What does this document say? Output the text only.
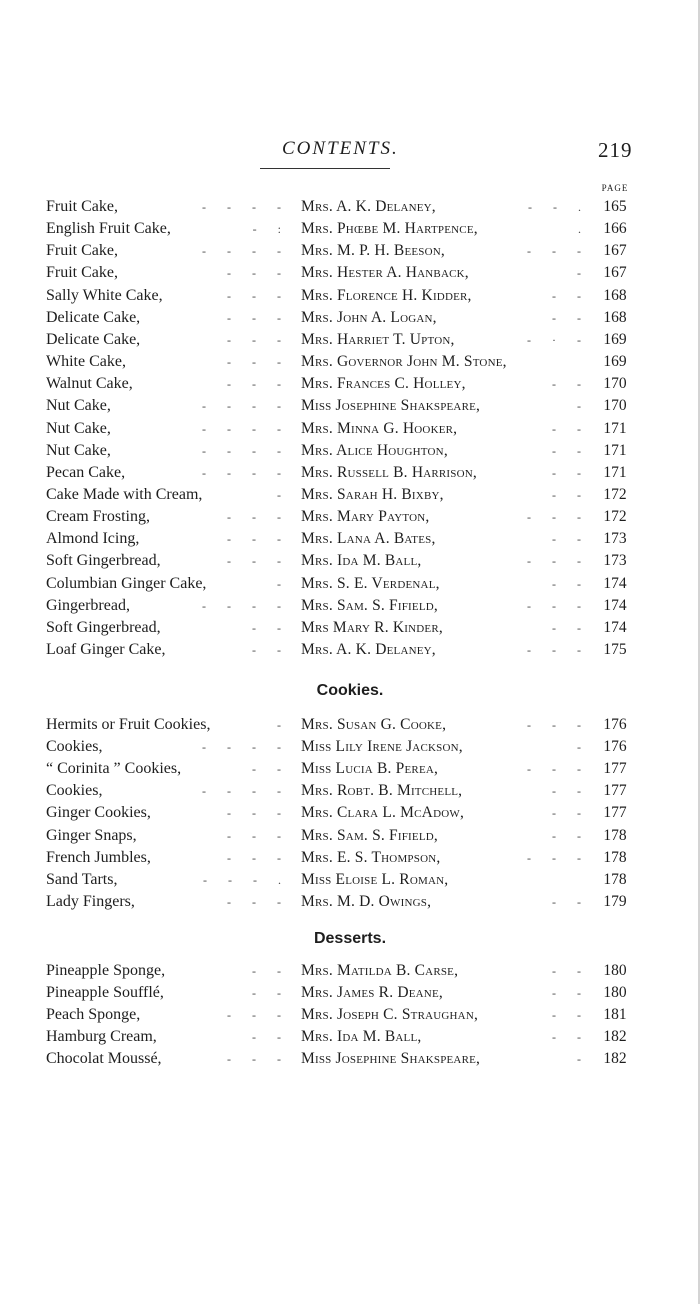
CONTENTS.	219
PAGE
Fruit Cake,	- - - - Mrs. A. K. Delaney,	- - . 165
English Fruit Cake,	- : Mrs. Phœbe M. Hartpence,	. 166
Fruit Cake,	- - - - Mrs. M. P. H. Beeson,	- - - 167
Fruit Cake,	- - - Mrs. Hester A. Hanback,	- 167
Sally White Cake,	- - - Mrs. Florence H. Kidder,	- - 168
Delicate Cake,	- - - Mrs. John A. Logan,	- - 168
Delicate Cake,	- - - Mrs. Harriet T. Upton,	- · - 169
White Cake,	- - - Mrs. Governor John M. Stone,	169
Walnut Cake,	- - - Mrs. Frances C. Holley,	- - 170
Nut Cake,	- - - - Miss Josephine Shakspeare,	- 170
Nut Cake,	- - - - Mrs. Minna G. Hooker,	- - 171
Nut Cake,	- - - - Mrs. Alice Houghton,	- - 171
Pecan Cake,	- - - - Mrs. Russell B. Harrison,	- - 171
Cake Made with Cream,	- Mrs. Sarah H. Bixby,	- - 172
Cream Frosting,	- - - Mrs. Mary Payton,	- - - 172
Almond Icing,	- - - Mrs. Lana A. Bates,	- - 173
Soft Gingerbread,	- - - Mrs. Ida M. Ball,	- - - 173
Columbian Ginger Cake,	- Mrs. S. E. Verdenal,	- - 174
Gingerbread,	- - - - Mrs. Sam. S. Fifield,	- - - 174
Soft Gingerbread,	- - Mrs Mary R. Kinder,	- - 174
Loaf Ginger Cake,	- - Mrs. A. K. Delaney,	- - - 175
Cookies.
Hermits or Fruit Cookies,	- Mrs. Susan G. Cooke,	- - - 176
Cookies,	- - - - Miss Lily Irene Jackson,	- 176
“ Corinita ” Cookies,	- - Miss Lucia B. Perea,	- - - 177
Cookies,	- - - - Mrs. Robt. B. Mitchell,	- - 177
Ginger Cookies,	- - - Mrs. Clara L. McAdow,	- - 177
Ginger Snaps,	- - - Mrs. Sam. S. Fifield,	- - 178
French Jumbles,	- - - Mrs. E. S. Thompson,	- - - 178
Sand Tarts,	- - - . Miss Eloise L. Roman,	178
Lady Fingers,	- - - Mrs. M. D. Owings,	- - 179
Desserts.
Pineapple Sponge,	- - Mrs. Matilda B. Carse,	- - 180
Pineapple Soufflé,	- - Mrs. James R. Deane,	- - 180
Peach Sponge,	- - - Mrs. Joseph C. Straughan,	- - 181
Hamburg Cream,	- - Mrs. Ida M. Ball,	- - 182
Chocolat Moussé,	- - - Miss Josephine Shakspeare,	- 182
